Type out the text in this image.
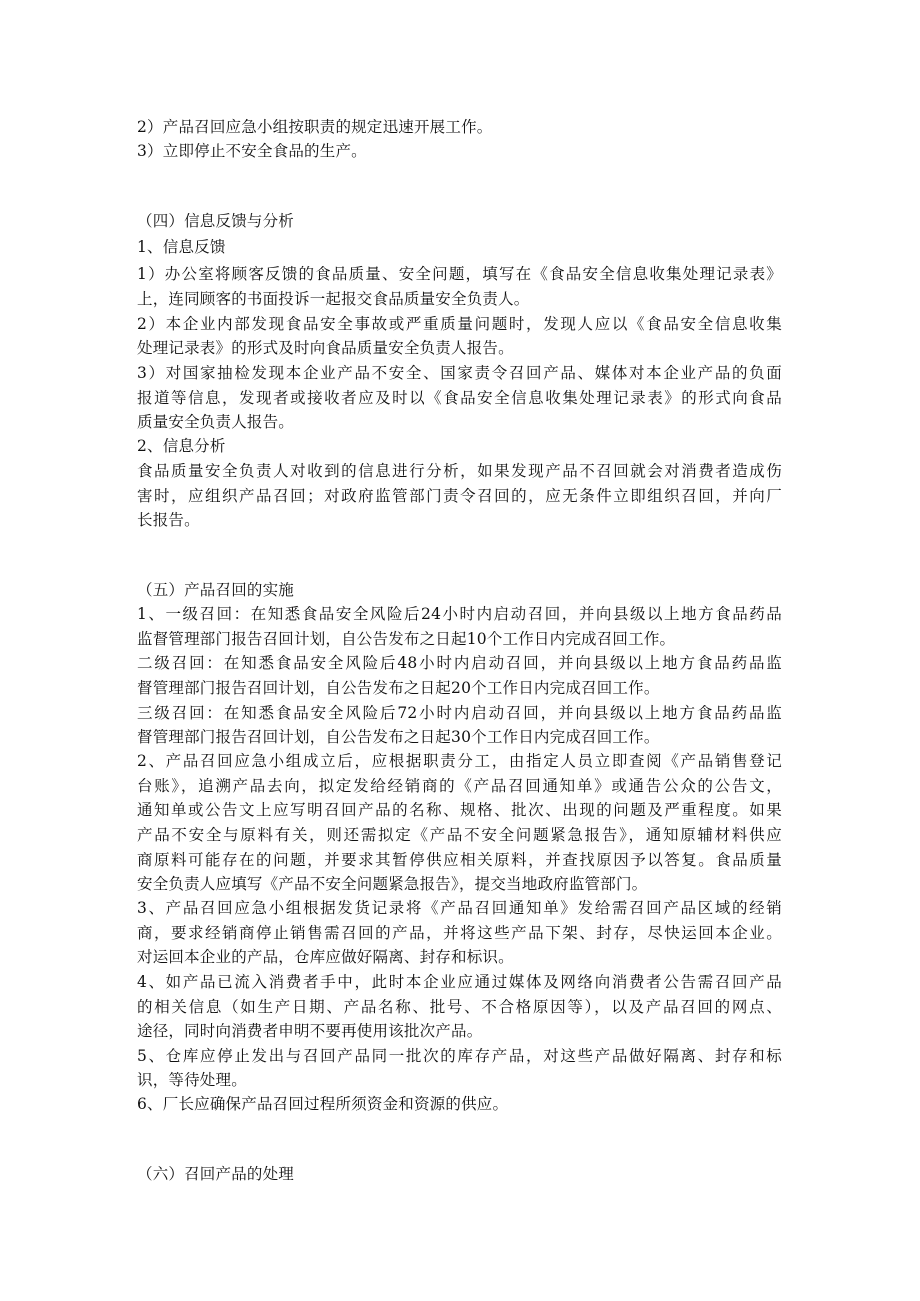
2）产品召回应急小组按职责的规定迅速开展工作。
3）立即停止不安全食品的生产。
（四）信息反馈与分析
1、信息反馈
1）办公室将顾客反馈的食品质量、安全问题，填写在《食品安全信息收集处理记录表》
上，连同顾客的书面投诉一起报交食品质量安全负责人。
2）本企业内部发现食品安全事故或严重质量问题时，发现人应以《食品安全信息收集
处理记录表》的形式及时向食品质量安全负责人报告。
3）对国家抽检发现本企业产品不安全、国家责令召回产品、媒体对本企业产品的负面
报道等信息，发现者或接收者应及时以《食品安全信息收集处理记录表》的形式向食品
质量安全负责人报告。
2、信息分析
食品质量安全负责人对收到的信息进行分析，如果发现产品不召回就会对消费者造成伤
害时，应组织产品召回；对政府监管部门责令召回的，应无条件立即组织召回，并向厂
长报告。
（五）产品召回的实施
1、一级召回：在知悉食品安全风险后24小时内启动召回，并向县级以上地方食品药品
监督管理部门报告召回计划，自公告发布之日起10个工作日内完成召回工作。
二级召回：在知悉食品安全风险后48小时内启动召回，并向县级以上地方食品药品监
督管理部门报告召回计划，自公告发布之日起20个工作日内完成召回工作。
三级召回：在知悉食品安全风险后72小时内启动召回，并向县级以上地方食品药品监
督管理部门报告召回计划，自公告发布之日起30个工作日内完成召回工作。
2、产品召回应急小组成立后，应根据职责分工，由指定人员立即查阅《产品销售登记
台账》，追溯产品去向，拟定发给经销商的《产品召回通知单》或通告公众的公告文，
通知单或公告文上应写明召回产品的名称、规格、批次、出现的问题及严重程度。如果
产品不安全与原料有关，则还需拟定《产品不安全问题紧急报告》，通知原辅材料供应
商原料可能存在的问题，并要求其暂停供应相关原料，并查找原因予以答复。食品质量
安全负责人应填写《产品不安全问题紧急报告》，提交当地政府监管部门。
3、产品召回应急小组根据发货记录将《产品召回通知单》发给需召回产品区域的经销
商，要求经销商停止销售需召回的产品，并将这些产品下架、封存，尽快运回本企业。
对运回本企业的产品，仓库应做好隔离、封存和标识。
4、如产品已流入消费者手中，此时本企业应通过媒体及网络向消费者公告需召回产品
的相关信息（如生产日期、产品名称、批号、不合格原因等），以及产品召回的网点、
途径，同时向消费者申明不要再使用该批次产品。
5、仓库应停止发出与召回产品同一批次的库存产品，对这些产品做好隔离、封存和标
识，等待处理。
6、厂长应确保产品召回过程所须资金和资源的供应。
（六）召回产品的处理
